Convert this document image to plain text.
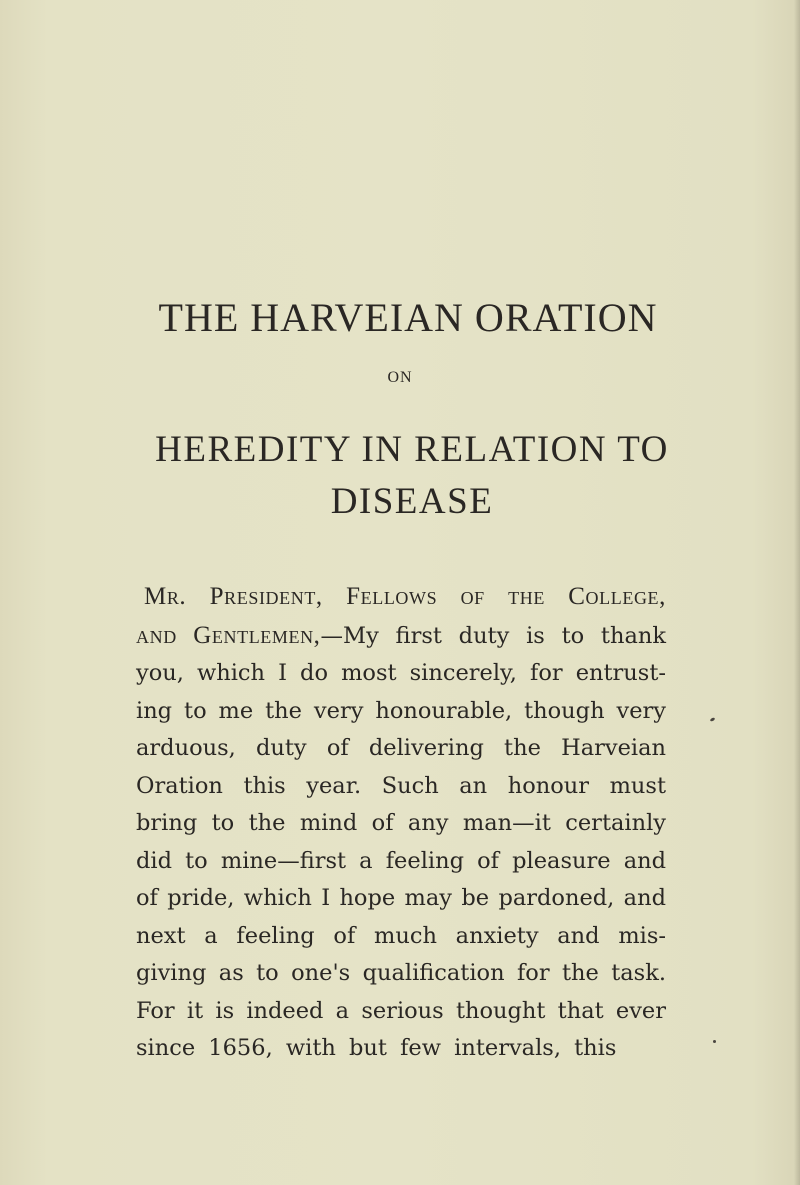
THE HARVEIAN ORATION
ON
HEREDITY IN RELATION TO
DISEASE
Mr. President, Fellows of the College,
and Gentlemen,—My first duty is to thank
you, which I do most sincerely, for entrust-
ing to me the very honourable, though very
arduous, duty of delivering the Harveian
Oration this year. Such an honour must
bring to the mind of any man—it certainly
did to mine—first a feeling of pleasure and
of pride, which I hope may be pardoned, and
next a feeling of much anxiety and mis-
giving as to one's qualification for the task.
For it is indeed a serious thought that ever
since 1656, with but few intervals, this
